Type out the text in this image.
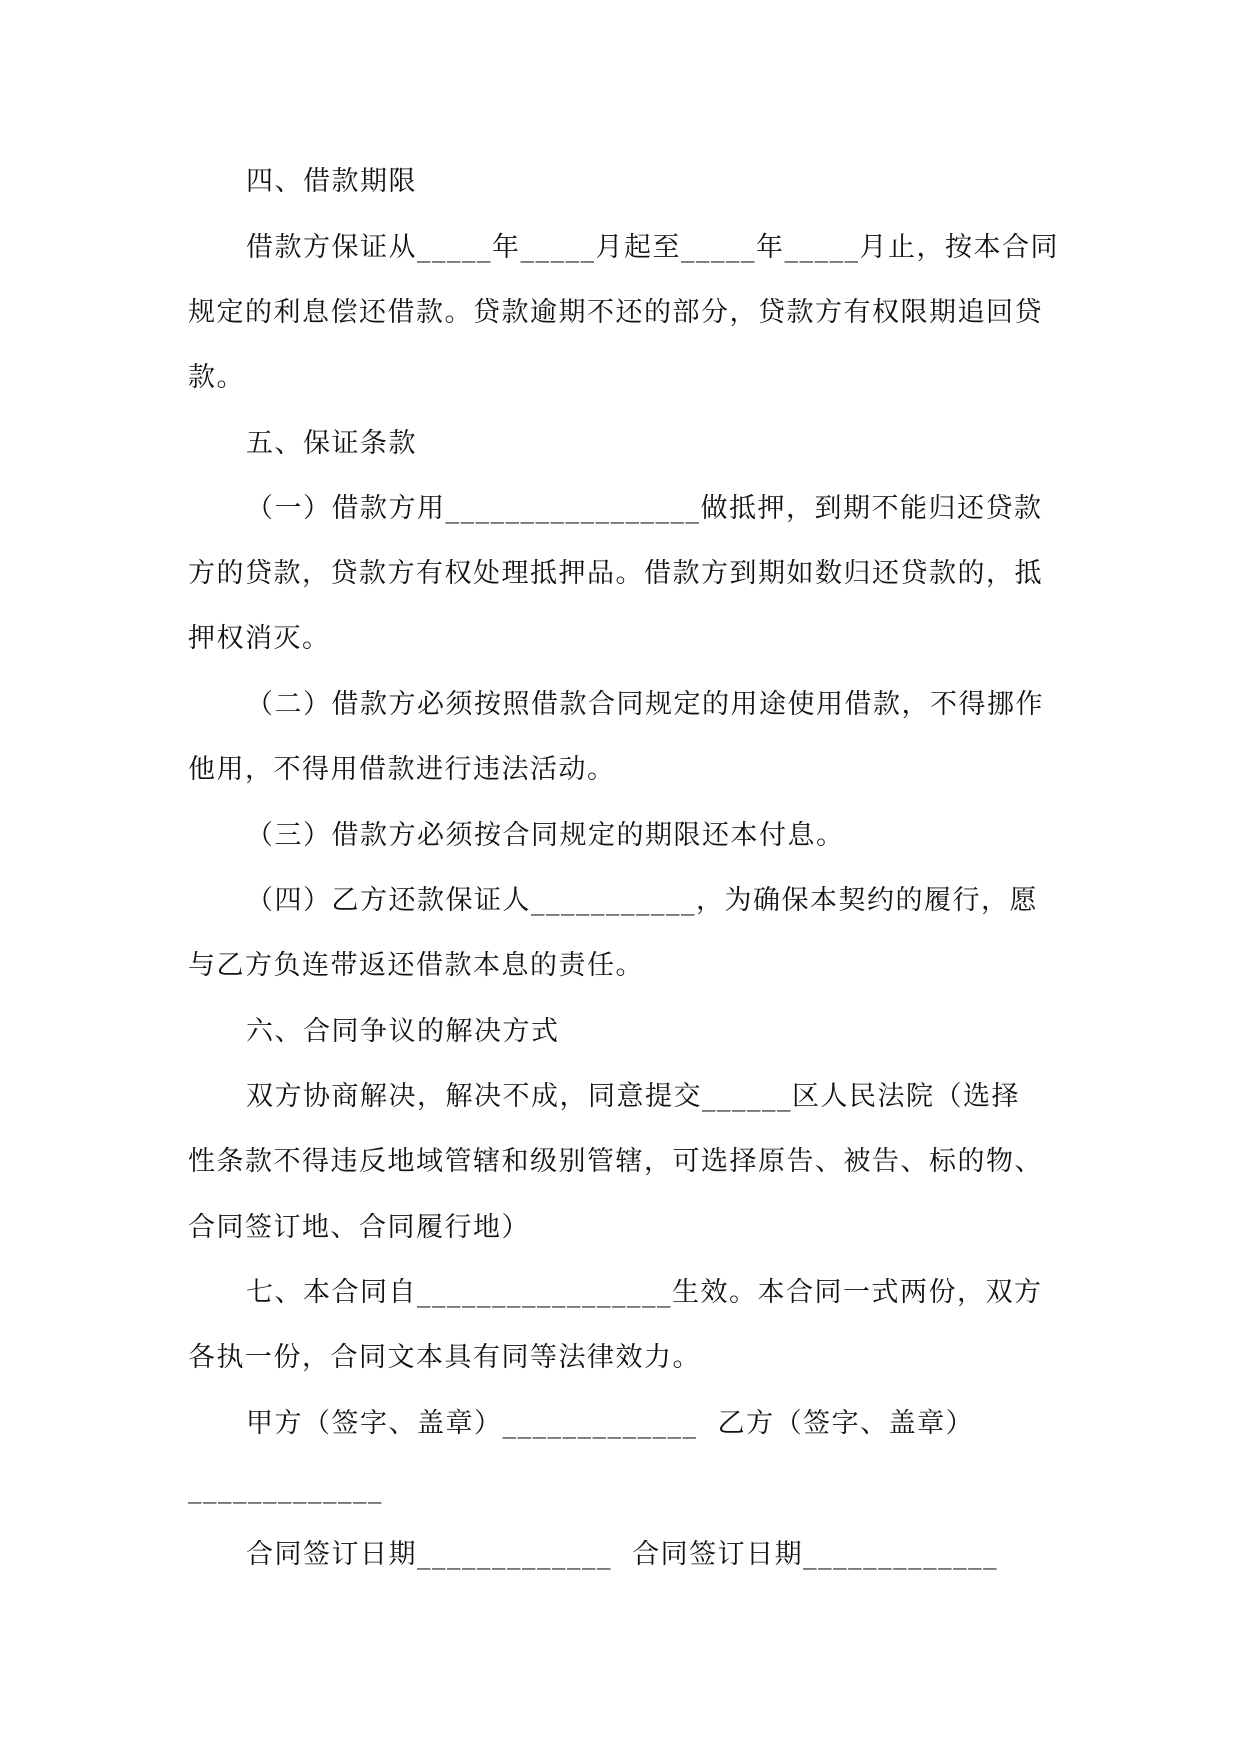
四、借款期限
借款方保证从_____年_____月起至_____年_____月止，按本合同
规定的利息偿还借款。贷款逾期不还的部分，贷款方有权限期追回贷
款。
五、保证条款
（一）借款方用_________________做抵押，到期不能归还贷款
方的贷款，贷款方有权处理抵押品。借款方到期如数归还贷款的，抵
押权消灭。
（二）借款方必须按照借款合同规定的用途使用借款，不得挪作
他用，不得用借款进行违法活动。
（三）借款方必须按合同规定的期限还本付息。
（四）乙方还款保证人___________，为确保本契约的履行，愿
与乙方负连带返还借款本息的责任。
六、合同争议的解决方式
双方协商解决，解决不成，同意提交______区人民法院（选择
性条款不得违反地域管辖和级别管辖，可选择原告、被告、标的物、
合同签订地、合同履行地）
七、本合同自_________________生效。本合同一式两份，双方
各执一份，合同文本具有同等法律效力。
甲方（签字、盖章）_____________  乙方（签字、盖章）
_____________
合同签订日期_____________  合同签订日期_____________
